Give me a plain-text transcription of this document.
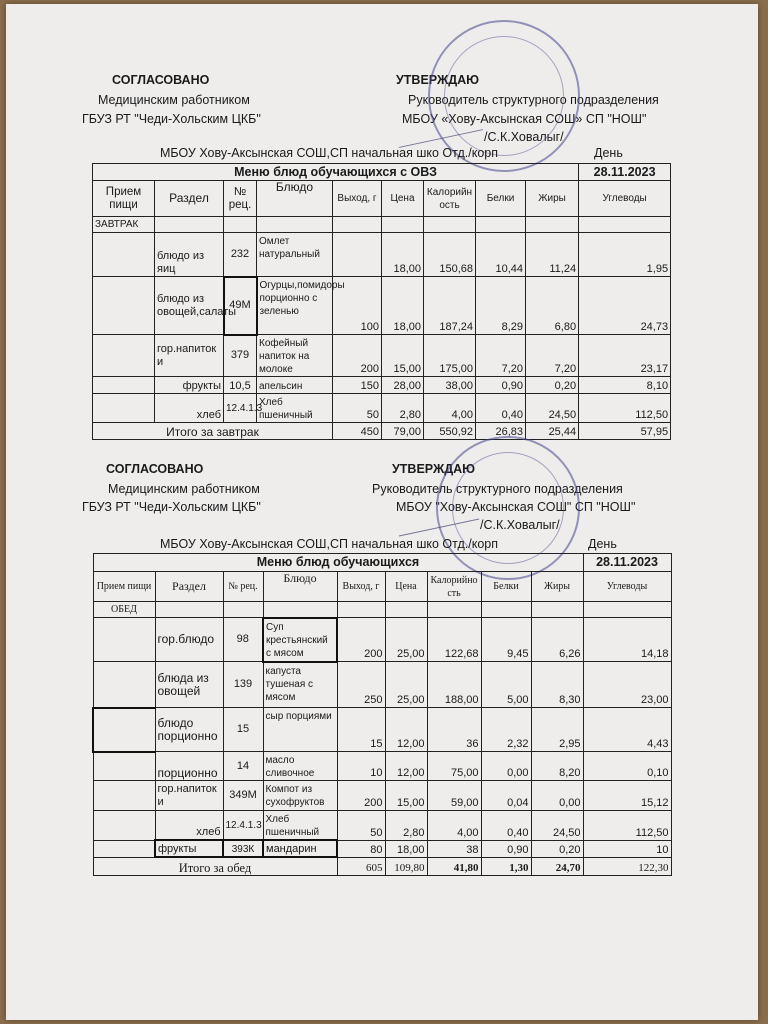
СОГЛАСОВАНО
Медицинским работником
ГБУЗ РТ "Чеди-Хольским ЦКБ"
УТВЕРЖДАЮ
Руководитель структурного подразделения
МБОУ «Хову-Аксынская СОШ» СП "НОШ"
/С.К.Ховалыг/
МБОУ Хову-Аксынская СОШ,СП начальная шко Отд./корп	День
Меню блюд обучающихся с ОВЗ									28.11.2023
Прием пищи	Раздел	№ рец.	Блюдо	Выход, г	Цена	Калорийность	Белки	Жиры	Углеводы
ЗАВТРАК									
	блюдо из яиц	232	Омлет натуральный		18,00	150,68	10,44	11,24	1,95
	блюдо из овощей,салаты	49М	Огурцы,помидоры порционно с зеленью	100	18,00	187,24	8,29	6,80	24,73
	гор.напиток и	379	Кофейный напиток на молоке	200	15,00	175,00	7,20	7,20	23,17
	фрукты	10,5	апельсин	150	28,00	38,00	0,90	0,20	8,10
	хлеб	12.4.1.3	Хлеб пшеничный	50	2,80	4,00	0,40	24,50	112,50
Итого за завтрак				450	79,00	550,92	26,83	25,44	57,95
СОГЛАСОВАНО
Медицинским работником
ГБУЗ РТ "Чеди-Хольским ЦКБ"
УТВЕРЖДАЮ
Руководитель структурного подразделения
МБОУ "Хову-Аксынская СОШ" СП "НОШ"
/С.К.Ховалыг/
МБОУ Хову-Аксынская СОШ,СП начальная шко Отд./корп	День
Меню блюд обучающихся									28.11.2023
Прием пищи	Раздел	№ рец.	Блюдо	Выход, г	Цена	Калорийность	Белки	Жиры	Углеводы
ОБЕД									
	гор.блюдо	98	Суп крестьянский с мясом	200	25,00	122,68	9,45	6,26	14,18
	блюда из овощей	139	капуста тушеная с мясом	250	25,00	188,00	5,00	8,30	23,00
	блюдо порционно	15	сыр порциями	15	12,00	36	2,32	2,95	4,43
	порционно	14	масло сливочное	10	12,00	75,00	0,00	8,20	0,10
	гор.напиток и	349М	Компот из сухофруктов	200	15,00	59,00	0,04	0,00	15,12
	хлеб	12.4.1.3	Хлеб пшеничный	50	2,80	4,00	0,40	24,50	112,50
	фрукты	393К	мандарин	80	18,00	38	0,90	0,20	10
Итого за обед				605	109,80	41,80	1,30	24,70	122,30
